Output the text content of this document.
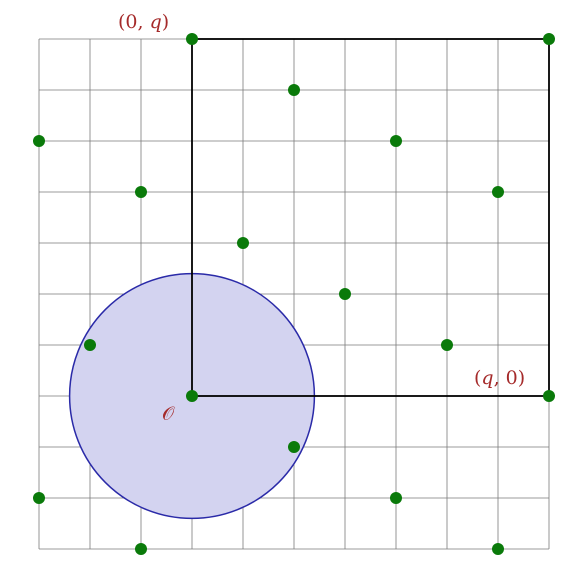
(0, q)
(q, 0)
𝒪
